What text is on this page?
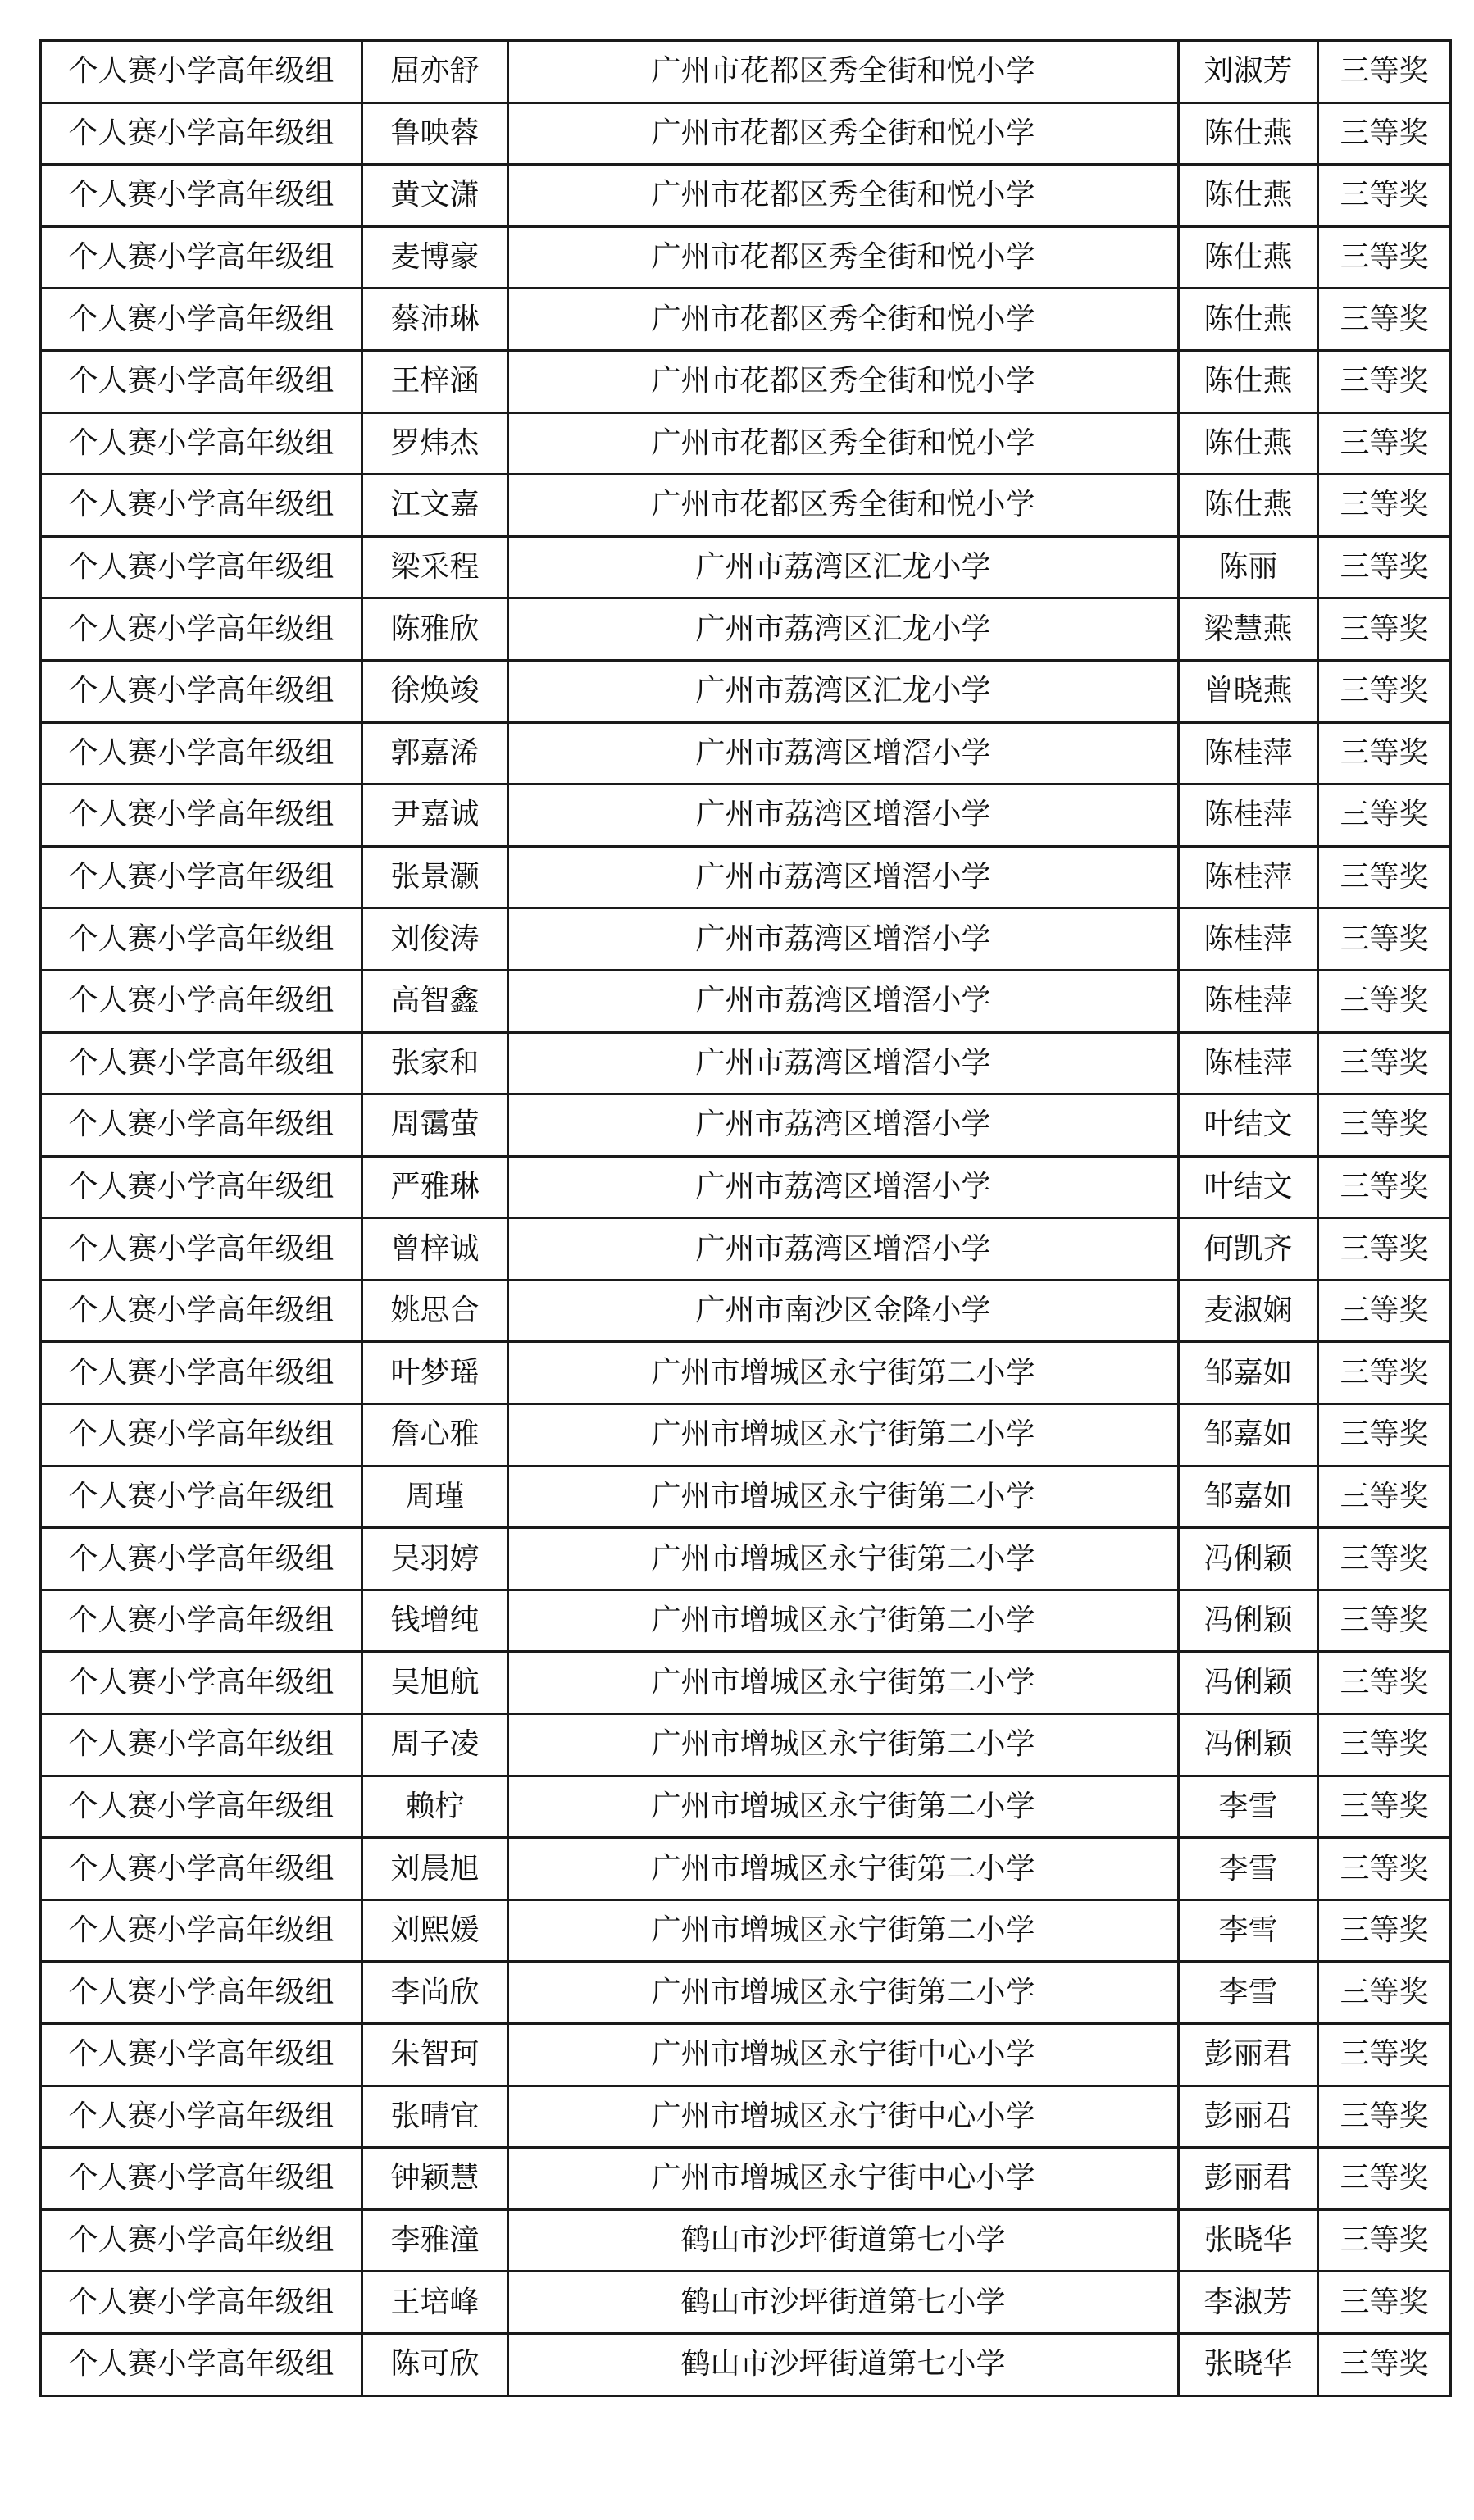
个人赛小学高年级组	屈亦舒	广州市花都区秀全街和悦小学	刘淑芳	三等奖
个人赛小学高年级组	鲁映蓉	广州市花都区秀全街和悦小学	陈仕燕	三等奖
个人赛小学高年级组	黄文潇	广州市花都区秀全街和悦小学	陈仕燕	三等奖
个人赛小学高年级组	麦博豪	广州市花都区秀全街和悦小学	陈仕燕	三等奖
个人赛小学高年级组	蔡沛琳	广州市花都区秀全街和悦小学	陈仕燕	三等奖
个人赛小学高年级组	王梓涵	广州市花都区秀全街和悦小学	陈仕燕	三等奖
个人赛小学高年级组	罗炜杰	广州市花都区秀全街和悦小学	陈仕燕	三等奖
个人赛小学高年级组	江文嘉	广州市花都区秀全街和悦小学	陈仕燕	三等奖
个人赛小学高年级组	梁采程	广州市荔湾区汇龙小学	陈丽	三等奖
个人赛小学高年级组	陈雅欣	广州市荔湾区汇龙小学	梁慧燕	三等奖
个人赛小学高年级组	徐焕竣	广州市荔湾区汇龙小学	曾晓燕	三等奖
个人赛小学高年级组	郭嘉浠	广州市荔湾区增滘小学	陈桂萍	三等奖
个人赛小学高年级组	尹嘉诚	广州市荔湾区增滘小学	陈桂萍	三等奖
个人赛小学高年级组	张景灏	广州市荔湾区增滘小学	陈桂萍	三等奖
个人赛小学高年级组	刘俊涛	广州市荔湾区增滘小学	陈桂萍	三等奖
个人赛小学高年级组	高智鑫	广州市荔湾区增滘小学	陈桂萍	三等奖
个人赛小学高年级组	张家和	广州市荔湾区增滘小学	陈桂萍	三等奖
个人赛小学高年级组	周霭萤	广州市荔湾区增滘小学	叶结文	三等奖
个人赛小学高年级组	严雅琳	广州市荔湾区增滘小学	叶结文	三等奖
个人赛小学高年级组	曾梓诚	广州市荔湾区增滘小学	何凯齐	三等奖
个人赛小学高年级组	姚思合	广州市南沙区金隆小学	麦淑娴	三等奖
个人赛小学高年级组	叶梦瑶	广州市增城区永宁街第二小学	邹嘉如	三等奖
个人赛小学高年级组	詹心雅	广州市增城区永宁街第二小学	邹嘉如	三等奖
个人赛小学高年级组	周瑾	广州市增城区永宁街第二小学	邹嘉如	三等奖
个人赛小学高年级组	吴羽婷	广州市增城区永宁街第二小学	冯俐颖	三等奖
个人赛小学高年级组	钱增纯	广州市增城区永宁街第二小学	冯俐颖	三等奖
个人赛小学高年级组	吴旭航	广州市增城区永宁街第二小学	冯俐颖	三等奖
个人赛小学高年级组	周子凌	广州市增城区永宁街第二小学	冯俐颖	三等奖
个人赛小学高年级组	赖柠	广州市增城区永宁街第二小学	李雪	三等奖
个人赛小学高年级组	刘晨旭	广州市增城区永宁街第二小学	李雪	三等奖
个人赛小学高年级组	刘熙媛	广州市增城区永宁街第二小学	李雪	三等奖
个人赛小学高年级组	李尚欣	广州市增城区永宁街第二小学	李雪	三等奖
个人赛小学高年级组	朱智珂	广州市增城区永宁街中心小学	彭丽君	三等奖
个人赛小学高年级组	张晴宜	广州市增城区永宁街中心小学	彭丽君	三等奖
个人赛小学高年级组	钟颖慧	广州市增城区永宁街中心小学	彭丽君	三等奖
个人赛小学高年级组	李雅潼	鹤山市沙坪街道第七小学	张晓华	三等奖
个人赛小学高年级组	王培峰	鹤山市沙坪街道第七小学	李淑芳	三等奖
个人赛小学高年级组	陈可欣	鹤山市沙坪街道第七小学	张晓华	三等奖
